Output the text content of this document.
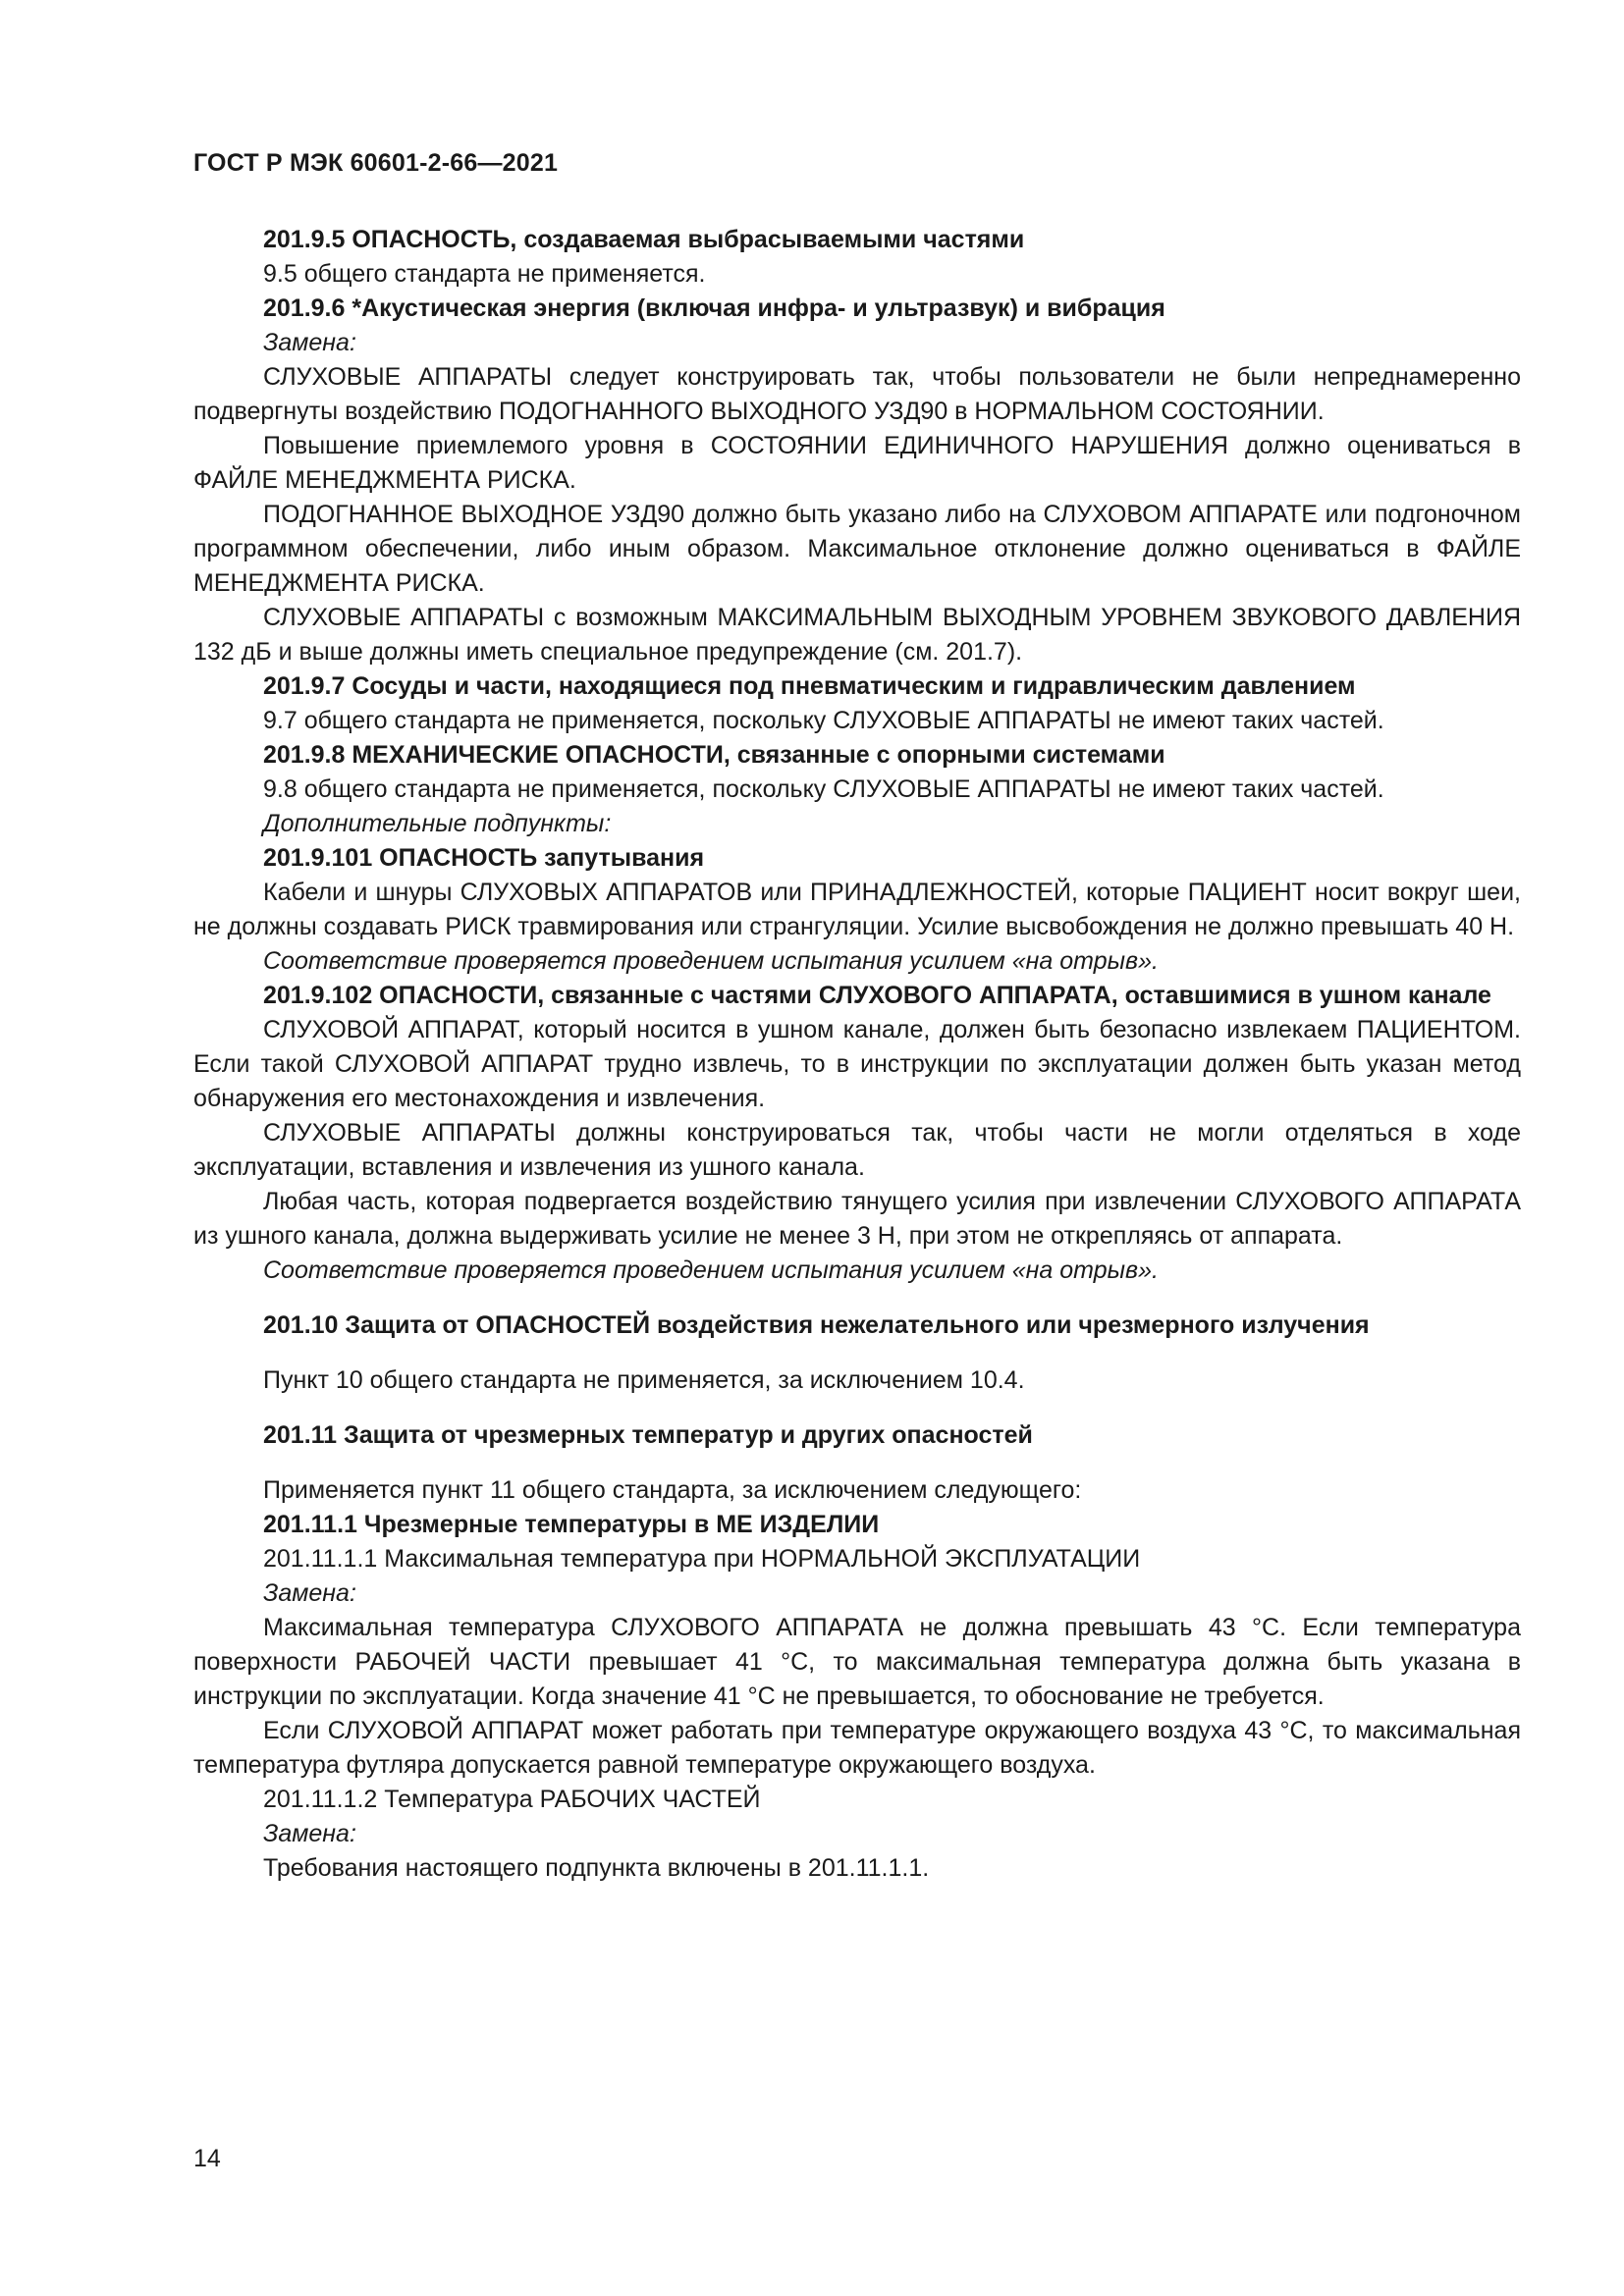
ГОСТ Р МЭК 60601-2-66—2021

201.9.5 ОПАСНОСТЬ, создаваемая выбрасываемыми частями

9.5 общего стандарта не применяется.

201.9.6 *Акустическая энергия (включая инфра- и ультразвук) и вибрация

Замена:

СЛУХОВЫЕ АППАРАТЫ следует конструировать так, чтобы пользователи не были непреднамеренно подвергнуты воздействию ПОДОГНАННОГО ВЫХОДНОГО УЗД90 в НОРМАЛЬНОМ СОСТОЯНИИ.

Повышение приемлемого уровня в СОСТОЯНИИ ЕДИНИЧНОГО НАРУШЕНИЯ должно оцениваться в ФАЙЛЕ МЕНЕДЖМЕНТА РИСКА.

ПОДОГНАННОЕ ВЫХОДНОЕ УЗД90 должно быть указано либо на СЛУХОВОМ АППАРАТЕ или подгоночном программном обеспечении, либо иным образом. Максимальное отклонение должно оцениваться в ФАЙЛЕ МЕНЕДЖМЕНТА РИСКА.

СЛУХОВЫЕ АППАРАТЫ с возможным МАКСИМАЛЬНЫМ ВЫХОДНЫМ УРОВНЕМ ЗВУКОВОГО ДАВЛЕНИЯ 132 дБ и выше должны иметь специальное предупреждение (см. 201.7).

201.9.7 Сосуды и части, находящиеся под пневматическим и гидравлическим давлением

9.7 общего стандарта не применяется, поскольку СЛУХОВЫЕ АППАРАТЫ не имеют таких частей.

201.9.8 МЕХАНИЧЕСКИЕ ОПАСНОСТИ, связанные с опорными системами

9.8 общего стандарта не применяется, поскольку СЛУХОВЫЕ АППАРАТЫ не имеют таких частей.

Дополнительные подпункты:

201.9.101 ОПАСНОСТЬ запутывания

Кабели и шнуры СЛУХОВЫХ АППАРАТОВ или ПРИНАДЛЕЖНОСТЕЙ, которые ПАЦИЕНТ носит вокруг шеи, не должны создавать РИСК травмирования или странгуляции. Усилие высвобождения не должно превышать 40 Н.

Соответствие проверяется проведением испытания усилием «на отрыв».

201.9.102 ОПАСНОСТИ, связанные с частями СЛУХОВОГО АППАРАТА, оставшимися в ушном канале

СЛУХОВОЙ АППАРАТ, который носится в ушном канале, должен быть безопасно извлекаем ПАЦИЕНТОМ. Если такой СЛУХОВОЙ АППАРАТ трудно извлечь, то в инструкции по эксплуатации должен быть указан метод обнаружения его местонахождения и извлечения.

СЛУХОВЫЕ АППАРАТЫ должны конструироваться так, чтобы части не могли отделяться в ходе эксплуатации, вставления и извлечения из ушного канала.

Любая часть, которая подвергается воздействию тянущего усилия при извлечении СЛУХОВОГО АППАРАТА из ушного канала, должна выдерживать усилие не менее 3 Н, при этом не открепляясь от аппарата.

Соответствие проверяется проведением испытания усилием «на отрыв».

201.10 Защита от ОПАСНОСТЕЙ воздействия нежелательного или чрезмерного излучения

Пункт 10 общего стандарта не применяется, за исключением 10.4.

201.11 Защита от чрезмерных температур и других опасностей

Применяется пункт 11 общего стандарта, за исключением следующего:

201.11.1 Чрезмерные температуры в МЕ ИЗДЕЛИИ

201.11.1.1 Максимальная температура при НОРМАЛЬНОЙ ЭКСПЛУАТАЦИИ

Замена:

Максимальная температура СЛУХОВОГО АППАРАТА не должна превышать 43 °С. Если температура поверхности РАБОЧЕЙ ЧАСТИ превышает 41 °С, то максимальная температура должна быть указана в инструкции по эксплуатации. Когда значение 41 °С не превышается, то обоснование не требуется.

Если СЛУХОВОЙ АППАРАТ может работать при температуре окружающего воздуха 43 °С, то максимальная температура футляра допускается равной температуре окружающего воздуха.

201.11.1.2 Температура РАБОЧИХ ЧАСТЕЙ

Замена:

Требования настоящего подпункта включены в 201.11.1.1.

14
